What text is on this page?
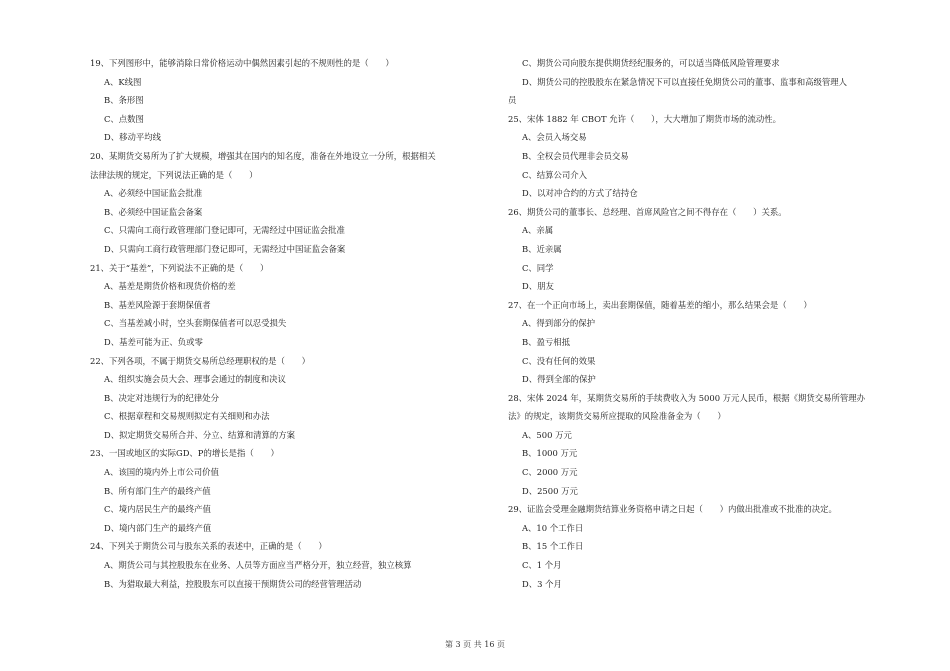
19、下列图形中，能够消除日常价格运动中偶然因素引起的不规则性的是（　　）
A、K线图
B、条形图
C、点数图
D、移动平均线
20、某期货交易所为了扩大规模，增强其在国内的知名度，准备在外地设立一分所，根据相关
法律法规的规定，下列说法正确的是（　　）
A、必须经中国证监会批准
B、必须经中国证监会备案
C、只需向工商行政管理部门登记即可，无需经过中国证监会批准
D、只需向工商行政管理部门登记即可，无需经过中国证监会备案
21、关于“基差”，下列说法不正确的是（　　）
A、基差是期货价格和现货价格的差
B、基差风险源于套期保值者
C、当基差减小时，空头套期保值者可以忍受损失
D、基差可能为正、负或零
22、下列各项，不属于期货交易所总经理职权的是（　　）
A、组织实施会员大会、理事会通过的制度和决议
B、决定对违规行为的纪律处分
C、根据章程和交易规则拟定有关细则和办法
D、拟定期货交易所合并、分立、结算和清算的方案
23、一国或地区的实际GD、P的增长是指（　　）
A、该国的境内外上市公司价值
B、所有部门生产的最终产值
C、境内居民生产的最终产值
D、境内部门生产的最终产值
24、下列关于期货公司与股东关系的表述中，正确的是（　　）
A、期货公司与其控股股东在业务、人员等方面应当严格分开，独立经营，独立核算
B、为猎取最大利益，控股股东可以直接干预期货公司的经营管理活动
C、期货公司向股东提供期货经纪服务的，可以适当降低风险管理要求
D、期货公司的控股股东在紧急情况下可以直接任免期货公司的董事、监事和高级管理人
员
25、宋体 1882 年 CBOT 允许（　　），大大增加了期货市场的流动性。
A、会员入场交易
B、全权会员代理非会员交易
C、结算公司介入
D、以对冲合约的方式了结持仓
26、期货公司的董事长、总经理、首席风险官之间不得存在（　　）关系。
A、亲属
B、近亲属
C、同学
D、朋友
27、在一个正向市场上，卖出套期保值，随着基差的缩小，那么结果会是（　　）
A、得到部分的保护
B、盈亏相抵
C、没有任何的效果
D、得到全部的保护
28、宋体 2024 年，某期货交易所的手续费收入为 5000 万元人民币，根据《期货交易所管理办
法》的规定，该期货交易所应提取的风险准备金为（　　）
A、500 万元
B、1000 万元
C、2000 万元
D、2500 万元
29、证监会受理金融期货结算业务资格申请之日起（　　）内做出批准或不批准的决定。
A、10 个工作日
B、15 个工作日
C、1 个月
D、3 个月
第 3 页 共 16 页
